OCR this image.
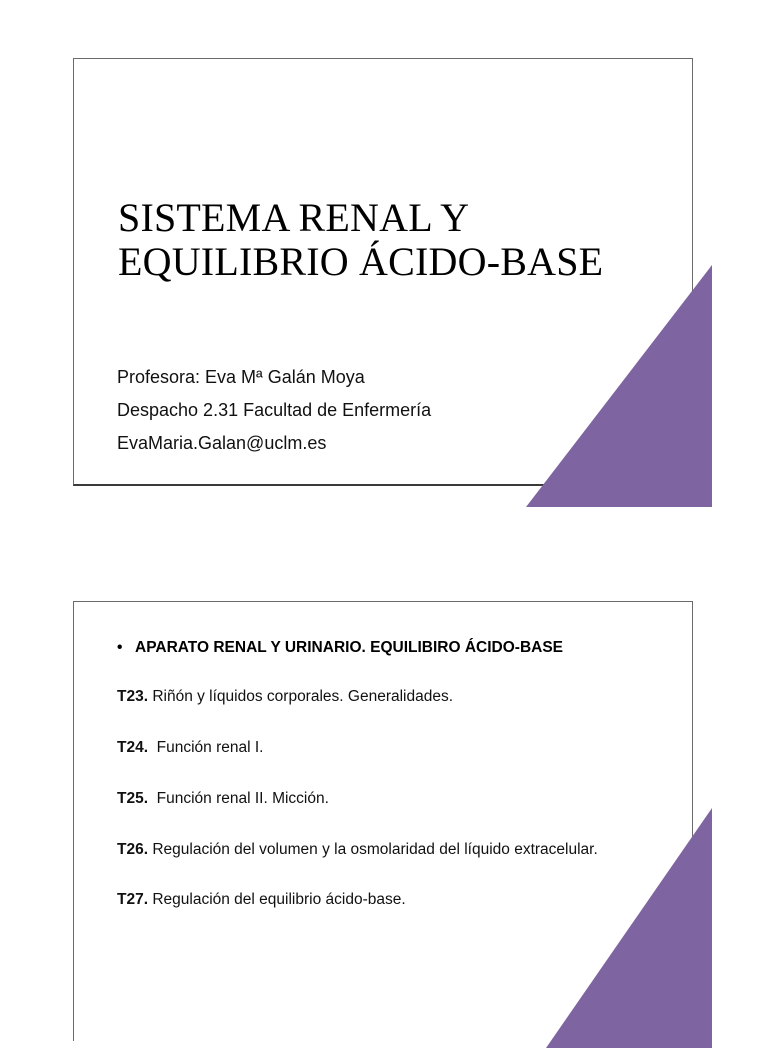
SISTEMA RENAL Y
EQUILIBRIO ÁCIDO-BASE
Profesora: Eva Mª Galán Moya
Despacho 2.31 Facultad de Enfermería
EvaMaria.Galan@uclm.es
• APARATO RENAL Y URINARIO. EQUILIBIRO ÁCIDO-BASE
T23. Riñón y líquidos corporales. Generalidades.
T24.  Función renal I.
T25.  Función renal II. Micción.
T26. Regulación del volumen y la osmolaridad del líquido extracelular.
T27. Regulación del equilibrio ácido-base.
